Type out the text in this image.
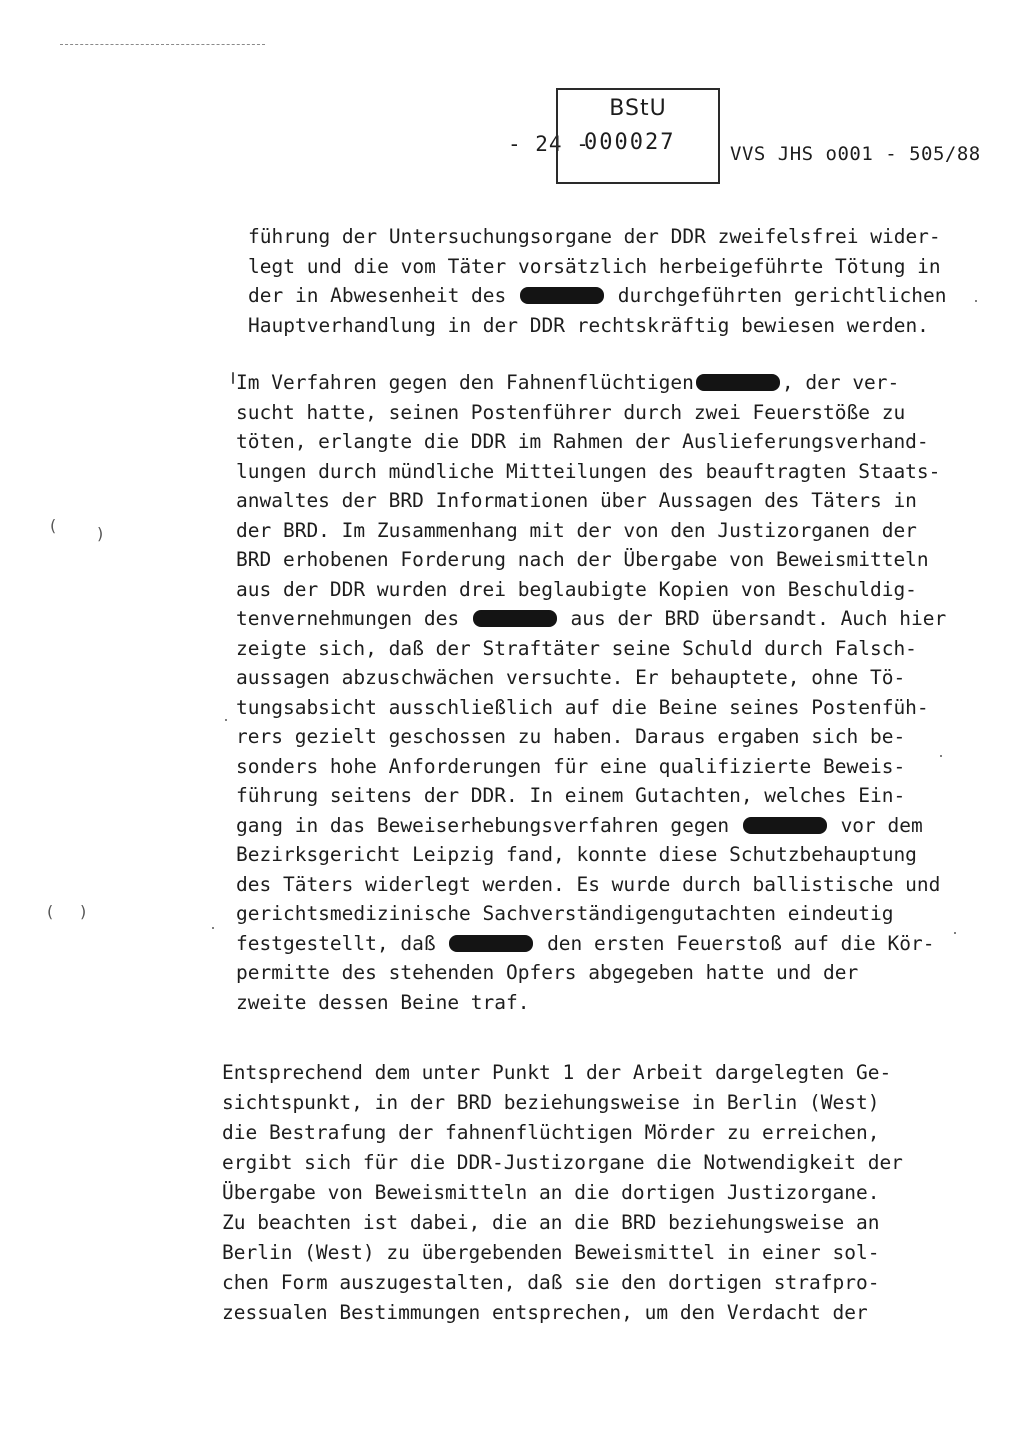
- 24 -
BStU
000027	VVS JHS o001 - 505/88
führung der Untersuchungsorgane der DDR zweifelsfrei wider-
legt und die vom Täter vorsätzlich herbeigeführte Tötung in
der in Abwesenheit des	durchgeführten gerichtlichen
Hauptverhandlung in der DDR rechtskräftig bewiesen werden.
Im Verfahren gegen den Fahnenflüchtigen	, der ver-
sucht hatte, seinen Postenführer durch zwei Feuerstöße zu
töten, erlangte die DDR im Rahmen der Auslieferungsverhand-
lungen durch mündliche Mitteilungen des beauftragten Staats-
anwaltes der BRD Informationen über Aussagen des Täters in
der BRD. Im Zusammenhang mit der von den Justizorganen der
BRD erhobenen Forderung nach der Übergabe von Beweismitteln
aus der DDR wurden drei beglaubigte Kopien von Beschuldig-
tenvernehmungen des	aus der BRD übersandt. Auch hier
zeigte sich, daß der Straftäter seine Schuld durch Falsch-
aussagen abzuschwächen versuchte. Er behauptete, ohne Tö-
tungsabsicht ausschließlich auf die Beine seines Postenfüh-
rers gezielt geschossen zu haben. Daraus ergaben sich be-
sonders hohe Anforderungen für eine qualifizierte Beweis-
führung seitens der DDR. In einem Gutachten, welches Ein-
gang in das Beweiserhebungsverfahren gegen	vor dem
Bezirksgericht Leipzig fand, konnte diese Schutzbehauptung
des Täters widerlegt werden. Es wurde durch ballistische und
gerichtsmedizinische Sachverständigengutachten eindeutig
festgestellt, daß	den ersten Feuerstoß auf die Kör-
permitte des stehenden Opfers abgegeben hatte und der
zweite dessen Beine traf.
Entsprechend dem unter Punkt 1 der Arbeit dargelegten Ge-
sichtspunkt, in der BRD beziehungsweise in Berlin (West)
die Bestrafung der fahnenflüchtigen Mörder zu erreichen,
ergibt sich für die DDR-Justizorgane die Notwendigkeit der
Übergabe von Beweismitteln an die dortigen Justizorgane.
Zu beachten ist dabei, die an die BRD beziehungsweise an
Berlin (West) zu übergebenden Beweismittel in einer sol-
chen Form auszugestalten, daß sie den dortigen strafpro-
zessualen Bestimmungen entsprechen, um den Verdacht der
(	)
( )
